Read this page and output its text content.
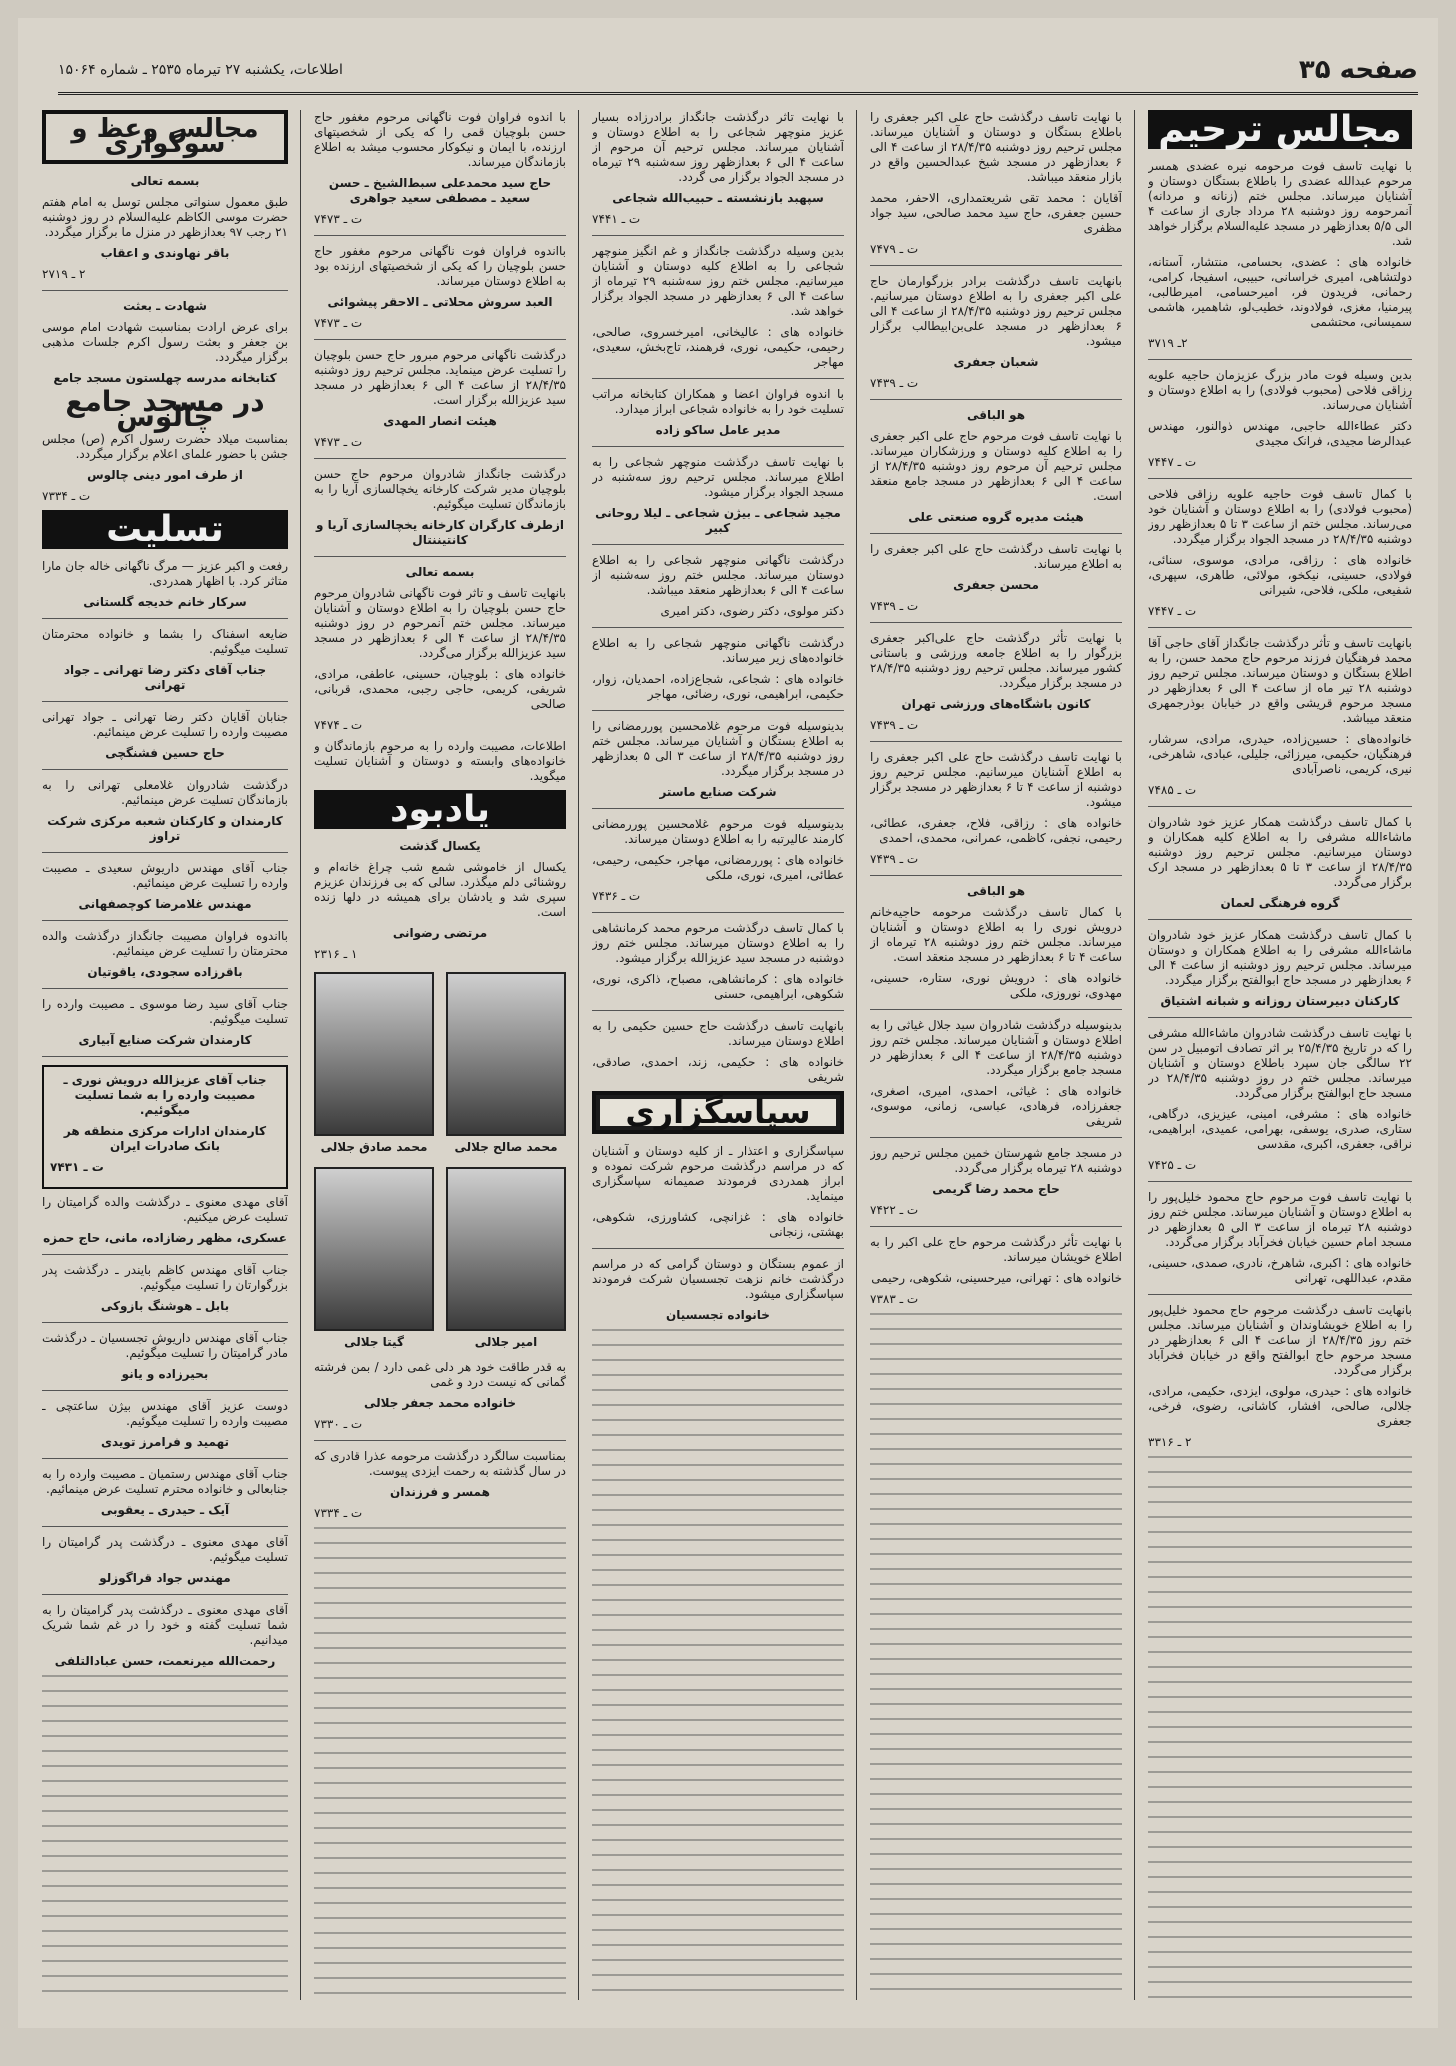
اطلاعات، یکشنبه ۲۷ تیرماه ۲۵۳۵ ـ شماره ۱۵۰۶۴	صفحه ۳۵
مجالس ترحیم

با نهایت تاسف فوت مرحومه نیره عضدی همسر مرحوم عبدالله عضدی را باطلاع بستگان دوستان و آشنایان میرساند. مجلس ختم (زنانه و مردانه) آنمرحومه روز دوشنبه ۲۸ مرداد جاری از ساعت ۴ الی ۵/۵ بعدازظهر در مسجد علیه‌السلام برگزار خواهد شد.

خانواده های : عضدی، بحسامی، منتشار، آستانه، دولتشاهی، امیری خراسانی، حبیبی، اسفیجا، کرامی، رحمانی، فریدون فر، امیرحسامی، امیرطالبی، پیرمنیا، مغزی، فولادوند، خطیب‌لو، شاهمیر، هاشمی سمیسانی، محتشمی

۲ـ ۳۷۱۹

بدین وسیله فوت مادر بزرگ عزیزمان حاجیه علویه رزاقی فلاحی (محبوب فولادی) را به اطلاع دوستان و آشنایان می‌رساند.

دکتر عطاءالله حاجبی، مهندس ذوالنور، مهندس عبدالرضا مجیدی، فرانک مجیدی

ت ـ ۷۴۴۷

با کمال تاسف فوت حاجیه علویه رزاقی فلاحی (محبوب فولادی) را به اطلاع دوستان و آشنایان خود می‌رساند. مجلس ختم از ساعت ۳ تا ۵ بعدازظهر روز دوشنبه ۲۸/۴/۳۵ در مسجد الجواد برگزار میگردد.

خانواده های : رزاقی، مرادی، موسوی، سنائی، فولادی، حسینی، نیکخو، مولائی، طاهری، سپهری، شفیعی، ملکی، فلاحی، شیرانی

ت ـ ۷۴۴۷

بانهایت تاسف و تأثر درگذشت جانگداز آقای حاجی آقا محمد فرهنگیان فرزند مرحوم حاج محمد حسن، را به اطلاع بستگان و دوستان میرساند. مجلس ترحیم روز دوشنبه ۲۸ تیر ماه از ساعت ۴ الی ۶ بعدازظهر در مسجد مرحوم قریشی واقع در خیابان بوذرجمهری منعقد میباشد.

خانواده‌های : حسین‌زاده، حیدری، مرادی، سرشار، فرهنگیان، حکیمی، میرزائی، جلیلی، عبادی، شاهرخی، نیری، کریمی، ناصرآبادی

ت ـ ۷۴۸۵

با کمال تاسف درگذشت همکار عزیز خود شادروان ماشاءالله مشرفی را به اطلاع کلیه همکاران و دوستان میرسانیم. مجلس ترحیم روز دوشنبه ۲۸/۴/۳۵ از ساعت ۳ تا ۵ بعدازظهر در مسجد ارک برگزار می‌گردد.

گروه فرهنگی لعمان

با کمال تاسف درگذشت همکار عزیز خود شادروان ماشاءالله مشرفی را به اطلاع همکاران و دوستان میرساند. مجلس ترحیم روز دوشنبه از ساعت ۴ الی ۶ بعدازظهر در مسجد حاج ابوالفتح برگزار میگردد.

کارکنان دبیرستان روزانه و شبانه اشتیاق

با نهایت تاسف درگذشت شادروان ماشاءالله مشرفی را که در تاریخ ۲۵/۴/۳۵ بر اثر تصادف اتومبیل در سن ۲۲ سالگی جان سپرد باطلاع دوستان و آشنایان میرساند. مجلس ختم در روز دوشنبه ۲۸/۴/۳۵ در مسجد حاج ابوالفتح برگزار می‌گردد.

خانواده های : مشرفی، امینی، عیزیزی، درگاهی، ستاری، صدری، یوسفی، بهرامی، عمیدی، ابراهیمی، نراقی، جعفری، اکبری، مقدسی

ت ـ ۷۴۲۵

با نهایت تاسف فوت مرحوم حاج محمود خلیل‌پور را به اطلاع دوستان و آشنایان میرساند. مجلس ختم روز دوشنبه ۲۸ تیرماه از ساعت ۳ الی ۵ بعدازظهر در مسجد امام حسین خیابان فخرآباد برگزار می‌گردد.

خانواده های : اکبری، شاهرخ، نادری، صمدی، حسینی، مقدم، عبداللهی، تهرانی

بانهایت تاسف درگذشت مرحوم حاج محمود خلیل‌پور را به اطلاع خویشاوندان و آشنایان میرساند. مجلس ختم روز ۲۸/۴/۳۵ از ساعت ۴ الی ۶ بعدازظهر در مسجد مرحوم حاج ابوالفتح واقع در خیابان فخرآباد برگزار می‌گردد.

خانواده های : حیدری، مولوی، ایزدی، حکیمی، مرادی، جلالی، صالحی، افشار، کاشانی، رضوی، فرخی، جعفری

۲ ـ ۳۳۱۶

با نهایت تاسف درگذشت حاج علی اکبر جعفری را باطلاع بستگان و دوستان و آشنایان میرساند. مجلس ترحیم روز دوشنبه ۲۸/۴/۳۵ از ساعت ۴ الی ۶ بعدازظهر در مسجد شیخ عبدالحسین واقع در بازار منعقد میباشد.

آقایان : محمد تقی شریعتمداری، الاحفر، محمد حسین جعفری، حاج سید محمد صالحی، سید جواد مظفری

ت ـ ۷۴۷۹

بانهایت تاسف درگذشت برادر بزرگوارمان حاج علی اکبر جعفری را به اطلاع دوستان میرسانیم. مجلس ترحیم روز دوشنبه ۲۸/۴/۳۵ از ساعت ۴ الی ۶ بعدازظهر در مسجد علی‌بن‌ابیطالب برگزار میشود.

شعبان جعفری

ت ـ ۷۴۳۹

هو الباقی

با نهایت تاسف فوت مرحوم حاج علی اکبر جعفری را به اطلاع کلیه دوستان و ورزشکاران میرساند. مجلس ترحیم آن مرحوم روز دوشنبه ۲۸/۴/۳۵ از ساعت ۴ الی ۶ بعدازظهر در مسجد جامع منعقد است.

هیئت مدیره گروه صنعتی علی

با نهایت تاسف درگذشت حاج علی اکبر جعفری را به اطلاع میرساند.

محسن جعفری

ت ـ ۷۴۳۹

با نهایت تأثر درگذشت حاج علی‌اکبر جعفری بزرگوار را به اطلاع جامعه ورزشی و باستانی کشور میرساند. مجلس ترحیم روز دوشنبه ۲۸/۴/۳۵ در مسجد برگزار میگردد.

کانون باشگاه‌های ورزشی تهران

ت ـ ۷۴۳۹

با نهایت تاسف درگذشت حاج علی اکبر جعفری را به اطلاع آشنایان میرسانیم. مجلس ترحیم روز دوشنبه از ساعت ۴ تا ۶ بعدازظهر در مسجد برگزار میشود.

خانواده های : رزاقی، فلاح، جعفری، عطائی، رحیمی، نجفی، کاظمی، عمرانی، محمدی، احمدی

ت ـ ۷۴۳۹

هو الباقی

با کمال تاسف درگذشت مرحومه حاجیه‌خانم درویش نوری را به اطلاع دوستان و آشنایان میرساند. مجلس ختم روز دوشنبه ۲۸ تیرماه از ساعت ۴ تا ۶ بعدازظهر در مسجد منعقد است.

خانواده های : درویش نوری، ستاره، حسینی، مهدوی، نوروزی، ملکی

بدینوسیله درگذشت شادروان سید جلال غیاثی را به اطلاع دوستان و آشنایان میرساند. مجلس ختم روز دوشنبه ۲۸/۴/۳۵ از ساعت ۴ الی ۶ بعدازظهر در مسجد جامع برگزار میگردد.

خانواده های : غیاثی، احمدی، امیری، اصغری، جعفرزاده، فرهادی، عباسی، زمانی، موسوی، شریفی

در مسجد جامع شهرستان خمین مجلس ترحیم روز دوشنبه ۲۸ تیرماه برگزار می‌گردد.

حاج محمد رضا گریمی

ت ـ ۷۴۲۲

با نهایت تأثر درگذشت مرحوم حاج علی اکبر را به اطلاع خویشان میرساند.

خانواده های : تهرانی، میرحسینی، شکوهی، رحیمی

ت ـ ۷۳۸۳

با نهایت تاثر درگذشت جانگداز برادرزاده بسیار عزیز منوچهر شجاعی را به اطلاع دوستان و آشنایان میرساند. مجلس ترحیم آن مرحوم از ساعت ۴ الی ۶ بعدازظهر روز سه‌شنبه ۲۹ تیرماه در مسجد الجواد برگزار می گردد.

سپهبد بازنشسته ـ حبیب‌الله شجاعی

ت ـ ۷۴۴۱

بدین وسیله درگذشت جانگداز و غم انگیز منوچهر شجاعی را به اطلاع کلیه دوستان و آشنایان میرسانیم. مجلس ختم روز سه‌شنبه ۲۹ تیرماه از ساعت ۴ الی ۶ بعدازظهر در مسجد الجواد برگزار خواهد شد.

خانواده های : عالیخانی، امیرخسروی، صالحی، رحیمی، حکیمی، نوری، فرهمند، تاج‌بخش، سعیدی، مهاجر

با اندوه فراوان اعضا و همکاران کتابخانه مراتب تسلیت خود را به خانواده شجاعی ابراز میدارد.

مدیر عامل ساکو زاده

با نهایت تاسف درگذشت منوچهر شجاعی را به اطلاع میرساند. مجلس ترحیم روز سه‌شنبه در مسجد الجواد برگزار میشود.

مجید شجاعی ـ بیژن شجاعی ـ لیلا روحانی کبیر

درگذشت ناگهانی منوچهر شجاعی را به اطلاع دوستان میرساند. مجلس ختم روز سه‌شنبه از ساعت ۴ الی ۶ بعدازظهر منعقد میباشد.

دکتر مولوی، دکتر رضوی، دکتر امیری

درگذشت ناگهانی منوچهر شجاعی را به اطلاع خانواده‌های زیر میرساند.

خانواده های : شجاعی، شجاع‌زاده، احمدیان، زوار، حکیمی، ابراهیمی، نوری، رضائی، مهاجر

بدینوسیله فوت مرحوم غلامحسین پوررمضانی را به اطلاع بستگان و آشنایان میرساند. مجلس ختم روز دوشنبه ۲۸/۴/۳۵ از ساعت ۳ الی ۵ بعدازظهر در مسجد برگزار میگردد.

شرکت صنایع ماستر

بدینوسیله فوت مرحوم غلامحسین پوررمضانی کارمند عالیرتبه را به اطلاع دوستان میرساند.

خانواده های : پوررمضانی، مهاجر، حکیمی، رحیمی، عطائی، امیری، نوری، ملکی

ت ـ ۷۴۳۶

با کمال تاسف درگذشت مرحوم محمد کرمانشاهی را به اطلاع دوستان میرساند. مجلس ختم روز دوشنبه در مسجد سید عزیزالله برگزار میشود.

خانواده های : کرمانشاهی، مصباح، ذاکری، نوری، شکوهی، ابراهیمی، حسنی

بانهایت تاسف درگذشت حاج حسین حکیمی را به اطلاع دوستان میرساند.

خانواده های : حکیمی، زند، احمدی، صادقی، شریفی

سپاسگزاری

سپاسگزاری و اعتذار ـ از کلیه دوستان و آشنایان که در مراسم درگذشت مرحوم شرکت نموده و ابراز همدردی فرمودند صمیمانه سپاسگزاری مینماید.

خانواده های : غزانچی، کشاورزی، شکوهی، بهشتی، زنجانی

از عموم بستگان و دوستان گرامی که در مراسم درگذشت خانم نزهت تجسسیان شرکت فرمودند سپاسگزاری میشود.

خانواده تجسسیان

با اندوه فراوان فوت ناگهانی مرحوم مغفور حاج حسن بلوچیان قمی را که یکی از شخصیتهای ارزنده، با ایمان و نیکوکار محسوب میشد به اطلاع بازماندگان میرساند.

حاج سید محمدعلی سبط‌الشیخ ـ حسن سعید ـ مصطفی سعید جواهری

ت ـ ۷۴۷۳

بااندوه فراوان فوت ناگهانی مرحوم مغفور حاج حسن بلوچیان را که یکی از شخصیتهای ارزنده بود به اطلاع دوستان میرساند.

العبد سروش محلاتی ـ الاحقر پیشوائی

ت ـ ۷۴۷۳

درگذشت ناگهانی مرحوم مبرور حاج حسن بلوچیان را تسلیت عرض مینماید. مجلس ترحیم روز دوشنبه ۲۸/۴/۳۵ از ساعت ۴ الی ۶ بعدازظهر در مسجد سید عزیزالله برگزار است.

هیئت انصار المهدی

ت ـ ۷۴۷۳

درگذشت جانگداز شادروان مرحوم حاج حسن بلوچیان مدیر شرکت کارخانه یخچالسازی آریا را به بازماندگان تسلیت میگوئیم.

ازطرف کارگران کارخانه یخچالسازی آریا و کانتیننتال

بسمه تعالی

بانهایت تاسف و تاثر فوت ناگهانی شادروان مرحوم حاج حسن بلوچیان را به اطلاع دوستان و آشنایان میرساند. مجلس ختم آنمرحوم در روز دوشنبه ۲۸/۴/۳۵ از ساعت ۴ الی ۶ بعدازظهر در مسجد سید عزیزالله برگزار می‌گردد.

خانواده های : بلوچیان، حسینی، عاطفی، مرادی، شریفی، کریمی، حاجی رجبی، محمدی، قربانی، صالحی

ت ـ ۷۴۷۴

اطلاعات، مصیبت وارده را به مرحوم بازماندگان و خانواده‌های وابسته و دوستان و آشنایان تسلیت میگوید.

یادبود

یکسال گذشت

یکسال از خاموشی شمع شب چراغ خانه‌ام و روشنائی دلم میگذرد. سالی که بی فرزندان عزیزم سپری شد و یادشان برای همیشه در دلها زنده است.

مرتضی رضوانی

۱ ـ ۲۳۱۶
محمد صالح جلالی
محمد صادق جلالی
امیر جلالی
گیتا جلالی

به قدر طاقت خود هر دلی غمی دارد / بمن فرشته گمانی که نیست درد و غمی

خانواده محمد جعفر جلالی

ت ـ ۷۳۳۰

بمناسبت سالگرد درگذشت مرحومه عذرا قادری که در سال گذشته به رحمت ایزدی پیوست.

همسر و فرزندان

ت ـ ۷۳۳۴
مجالس وعظ و سوگواری

بسمه تعالی

طبق معمول سنواتی مجلس توسل به امام هفتم حضرت موسی الکاظم علیه‌السلام در روز دوشنبه ۲۱ رجب ۹۷ بعدازظهر در منزل ما برگزار میگردد.

باقر نهاوندی و اعقاب

۲ ـ ۲۷۱۹

شهادت ـ بعثت

برای عرض ارادت بمناسبت شهادت امام موسی بن جعفر و بعثت رسول اکرم جلسات مذهبی برگزار میگردد.

کتابخانه مدرسه چهلستون مسجد جامع

در مسجد جامع چالوس

بمناسبت میلاد حضرت رسول اکرم (ص) مجلس جشن با حضور علمای اعلام برگزار میگردد.

از طرف امور دینی چالوس

ت ـ ۷۳۳۴
تسلیت

رفعت و اکبر عزیز — مرگ ناگهانی خاله جان مارا متاثر کرد. با اظهار همدردی.

سرکار خانم خدیجه گلستانی

ضایعه اسفناک را بشما و خانواده محترمتان تسلیت میگوئیم.

جناب آقای دکتر رضا تهرانی ـ جواد تهرانی

جنابان آقایان دکتر رضا تهرانی ـ جواد تهرانی مصیبت وارده را تسلیت عرض مینمائیم.

حاج حسین فشنگچی

درگذشت شادروان غلامعلی تهرانی را به بازماندگان تسلیت عرض مینمائیم.

کارمندان و کارکنان شعبه مرکزی شرکت تراوز

جناب آقای مهندس داریوش سعیدی ـ مصیبت وارده را تسلیت عرض مینمائیم.

مهندس غلامرضا کوچصفهانی

بااندوه فراوان مصیبت جانگداز درگذشت والده محترمتان را تسلیت عرض مینمائیم.

باقرزاده سجودی، یاقوتیان

جناب آقای سید رضا موسوی ـ مصیبت وارده را تسلیت میگوئیم.

کارمندان شرکت صنایع آبیاری

جناب آقای عزیزالله درویش نوری ـ مصیبت وارده را به شما تسلیت میگوئیم.

کارمندان ادارات مرکزی منطقه هر بانک صادرات ایران

ت ـ ۷۴۳۱

آقای مهدی معنوی ـ درگذشت والده گرامیتان را تسلیت عرض میکنیم.

عسکری، مظهر رضازاده، مانی، حاج حمزه

جناب آقای مهندس کاظم بایندر ـ درگذشت پدر بزرگوارتان را تسلیت میگوئیم.

بابل ـ هوشنگ بازوکی

جناب آقای مهندس داریوش تجسسیان ـ درگذشت مادر گرامیتان را تسلیت میگوئیم.

بحیرزاده و یانو

دوست عزیز آقای مهندس بیژن ساعتچی ـ مصیبت وارده را تسلیت میگوئیم.

تهمید و فرامرز تویدی

جناب آقای مهندس رستمیان ـ مصیبت وارده را به جنابعالی و خانواده محترم تسلیت عرض مینمائیم.

آیک ـ حیدری ـ یعقوبی

آقای مهدی معنوی ـ درگذشت پدر گرامیتان را تسلیت میگوئیم.

مهندس جواد قراگوزلو

آقای مهدی معنوی ـ درگذشت پدر گرامیتان را به شما تسلیت گفته و خود را در غم شما شریک میدانیم.

رحمت‌الله میرنعمت، حسن عبادالتلفی
